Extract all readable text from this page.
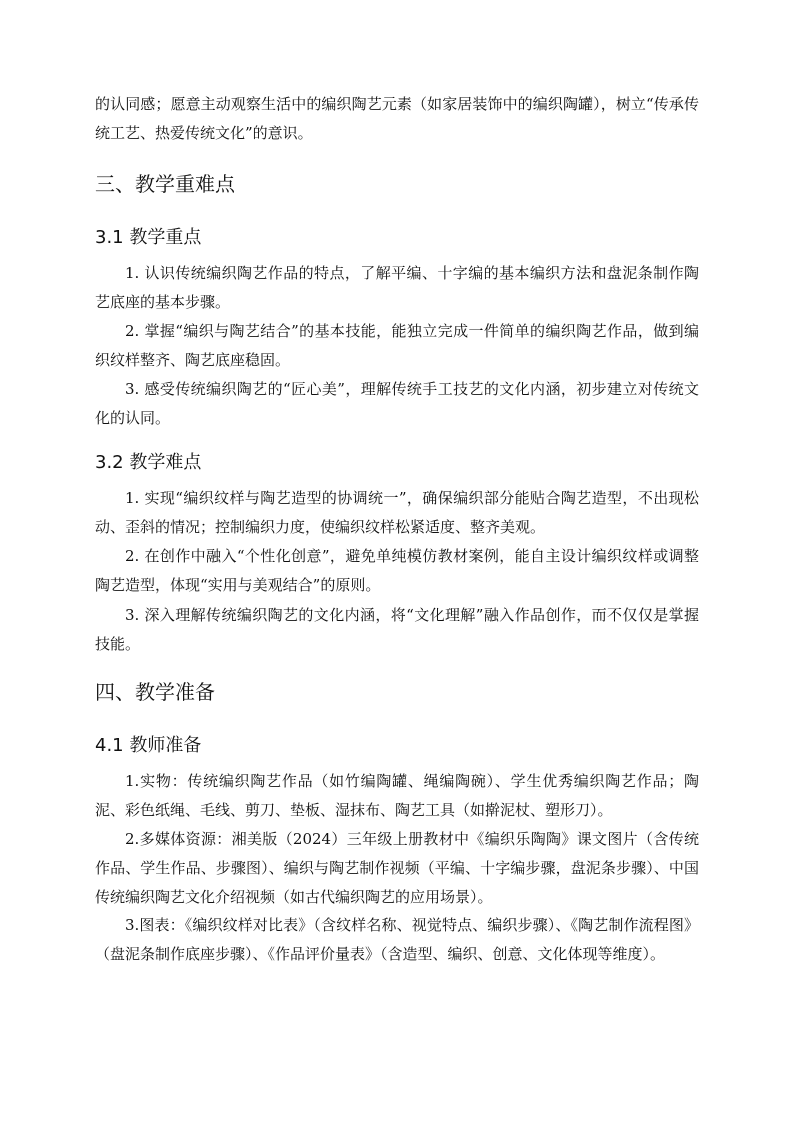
的认同感；愿意主动观察生活中的编织陶艺元素（如家居装饰中的编织陶罐），树立“传承传统工艺、热爱传统文化”的意识。

三、教学重难点
3.1 教学重点

1. 认识传统编织陶艺作品的特点，了解平编、十字编的基本编织方法和盘泥条制作陶艺底座的基本步骤。

2. 掌握“编织与陶艺结合”的基本技能，能独立完成一件简单的编织陶艺作品，做到编织纹样整齐、陶艺底座稳固。

3. 感受传统编织陶艺的“匠心美”，理解传统手工技艺的文化内涵，初步建立对传统文化的认同。

3.2 教学难点

1. 实现“编织纹样与陶艺造型的协调统一”，确保编织部分能贴合陶艺造型，不出现松动、歪斜的情况；控制编织力度，使编织纹样松紧适度、整齐美观。

2. 在创作中融入“个性化创意”，避免单纯模仿教材案例，能自主设计编织纹样或调整陶艺造型，体现“实用与美观结合”的原则。

3. 深入理解传统编织陶艺的文化内涵，将“文化理解”融入作品创作，而不仅仅是掌握技能。

四、教学准备
4.1 教师准备

1.实物：传统编织陶艺作品（如竹编陶罐、绳编陶碗）、学生优秀编织陶艺作品；陶泥、彩色纸绳、毛线、剪刀、垫板、湿抹布、陶艺工具（如擀泥杖、塑形刀）。

2.多媒体资源：湘美版（2024）三年级上册教材中《编织乐陶陶》课文图片（含传统作品、学生作品、步骤图）、编织与陶艺制作视频（平编、十字编步骤，盘泥条步骤）、中国传统编织陶艺文化介绍视频（如古代编织陶艺的应用场景）。

3.图表：《编织纹样对比表》（含纹样名称、视觉特点、编织步骤）、《陶艺制作流程图》（盘泥条制作底座步骤）、《作品评价量表》（含造型、编织、创意、文化体现等维度）。
